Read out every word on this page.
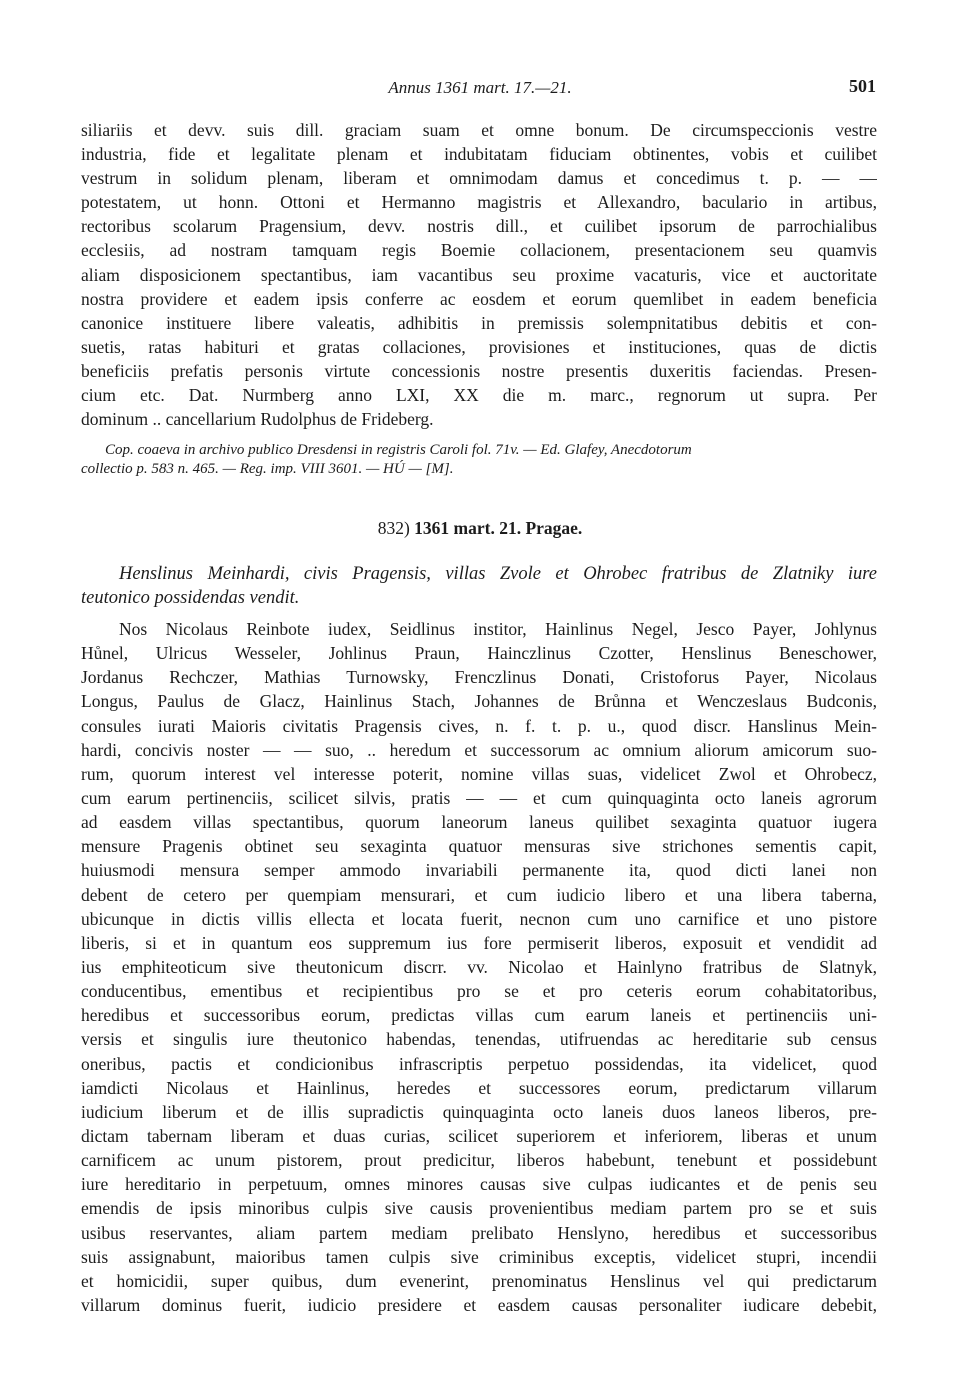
Annus 1361 mart. 17.—21.	501
siliariis et devv. suis dill. graciam suam et omne bonum. De circumspeccionis vestre
industria, fide et legalitate plenam et indubitatam fiduciam obtinentes, vobis et cuilibet
vestrum in solidum plenam, liberam et omnimodam damus et concedimus t. p. — —
potestatem, ut honn. Ottoni et Hermanno magistris et Allexandro, baculario in artibus,
rectoribus scolarum Pragensium, devv. nostris dill., et cuilibet ipsorum de parrochialibus
ecclesiis, ad nostram tamquam regis Boemie collacionem, presentacionem seu quamvis
aliam disposicionem spectantibus, iam vacantibus seu proxime vacaturis, vice et auctoritate
nostra providere et eadem ipsis conferre ac eosdem et eorum quemlibet in eadem beneficia
canonice instituere libere valeatis, adhibitis in premissis solempnitatibus debitis et con-
suetis, ratas habituri et gratas collaciones, provisiones et instituciones, quas de dictis
beneficiis prefatis personis virtute concessionis nostre presentis duxeritis faciendas. Presen-
cium etc. Dat. Nurmberg anno LXI, XX die m. marc., regnorum ut supra. Per
dominum .. cancellarium Rudolphus de Frideberg.
Cop. coaeva in archivo publico Dresdensi in registris Caroli fol. 71v. — Ed. Glafey, Anecdotorum
collectio p. 583 n. 465. — Reg. imp. VIII 3601. — HÚ — [M].
832) 1361 mart. 21. Pragae.
Henslinus Meinhardi, civis Pragensis, villas Zvole et Ohrobec fratribus de Zlatniky iure
teutonico possidendas vendit.
Nos Nicolaus Reinbote iudex, Seidlinus institor, Hainlinus Negel, Jesco Payer, Johlynus
Hůnel, Ulricus Wesseler, Johlinus Praun, Hainczlinus Czotter, Henslinus Beneschower,
Jordanus Rechczer, Mathias Turnowsky, Frenczlinus Donati, Cristoforus Payer, Nicolaus
Longus, Paulus de Glacz, Hainlinus Stach, Johannes de Brůnna et Wenczeslaus Budconis,
consules iurati Maioris civitatis Pragensis cives, n. f. t. p. u., quod discr. Hanslinus Mein-
hardi, concivis noster — — suo, .. heredum et successorum ac omnium aliorum amicorum suo-
rum, quorum interest vel interesse poterit, nomine villas suas, videlicet Zwol et Ohrobecz,
cum earum pertinenciis, scilicet silvis, pratis — — et cum quinquaginta octo laneis agrorum
ad easdem villas spectantibus, quorum laneorum laneus quilibet sexaginta quatuor iugera
mensure Pragenis obtinet seu sexaginta quatuor mensuras sive strichones sementis capit,
huiusmodi mensura semper ammodo invariabili permanente ita, quod dicti lanei non
debent de cetero per quempiam mensurari, et cum iudicio libero et una libera taberna,
ubicunque in dictis villis ellecta et locata fuerit, necnon cum uno carnifice et uno pistore
liberis, si et in quantum eos suppremum ius fore permiserit liberos, exposuit et vendidit ad
ius emphiteoticum sive theutonicum discrr. vv. Nicolao et Hainlyno fratribus de Slatnyk,
conducentibus, ementibus et recipientibus pro se et pro ceteris eorum cohabitatoribus,
heredibus et successoribus eorum, predictas villas cum earum laneis et pertinenciis uni-
versis et singulis iure theutonico habendas, tenendas, utifruendas ac hereditarie sub census
oneribus, pactis et condicionibus infrascriptis perpetuo possidendas, ita videlicet, quod
iamdicti Nicolaus et Hainlinus, heredes et successores eorum, predictarum villarum
iudicium liberum et de illis supradictis quinquaginta octo laneis duos laneos liberos, pre-
dictam tabernam liberam et duas curias, scilicet superiorem et inferiorem, liberas et unum
carnificem ac unum pistorem, prout predicitur, liberos habebunt, tenebunt et possidebunt
iure hereditario in perpetuum, omnes minores causas sive culpas iudicantes et de penis seu
emendis de ipsis minoribus culpis sive causis provenientibus mediam partem pro se et suis
usibus reservantes, aliam partem mediam prelibato Henslyno, heredibus et successoribus
suis assignabunt, maioribus tamen culpis sive criminibus exceptis, videlicet stupri, incendii
et homicidii, super quibus, dum evenerint, prenominatus Henslinus vel qui predictarum
villarum dominus fuerit, iudicio presidere et easdem causas personaliter iudicare debebit,
